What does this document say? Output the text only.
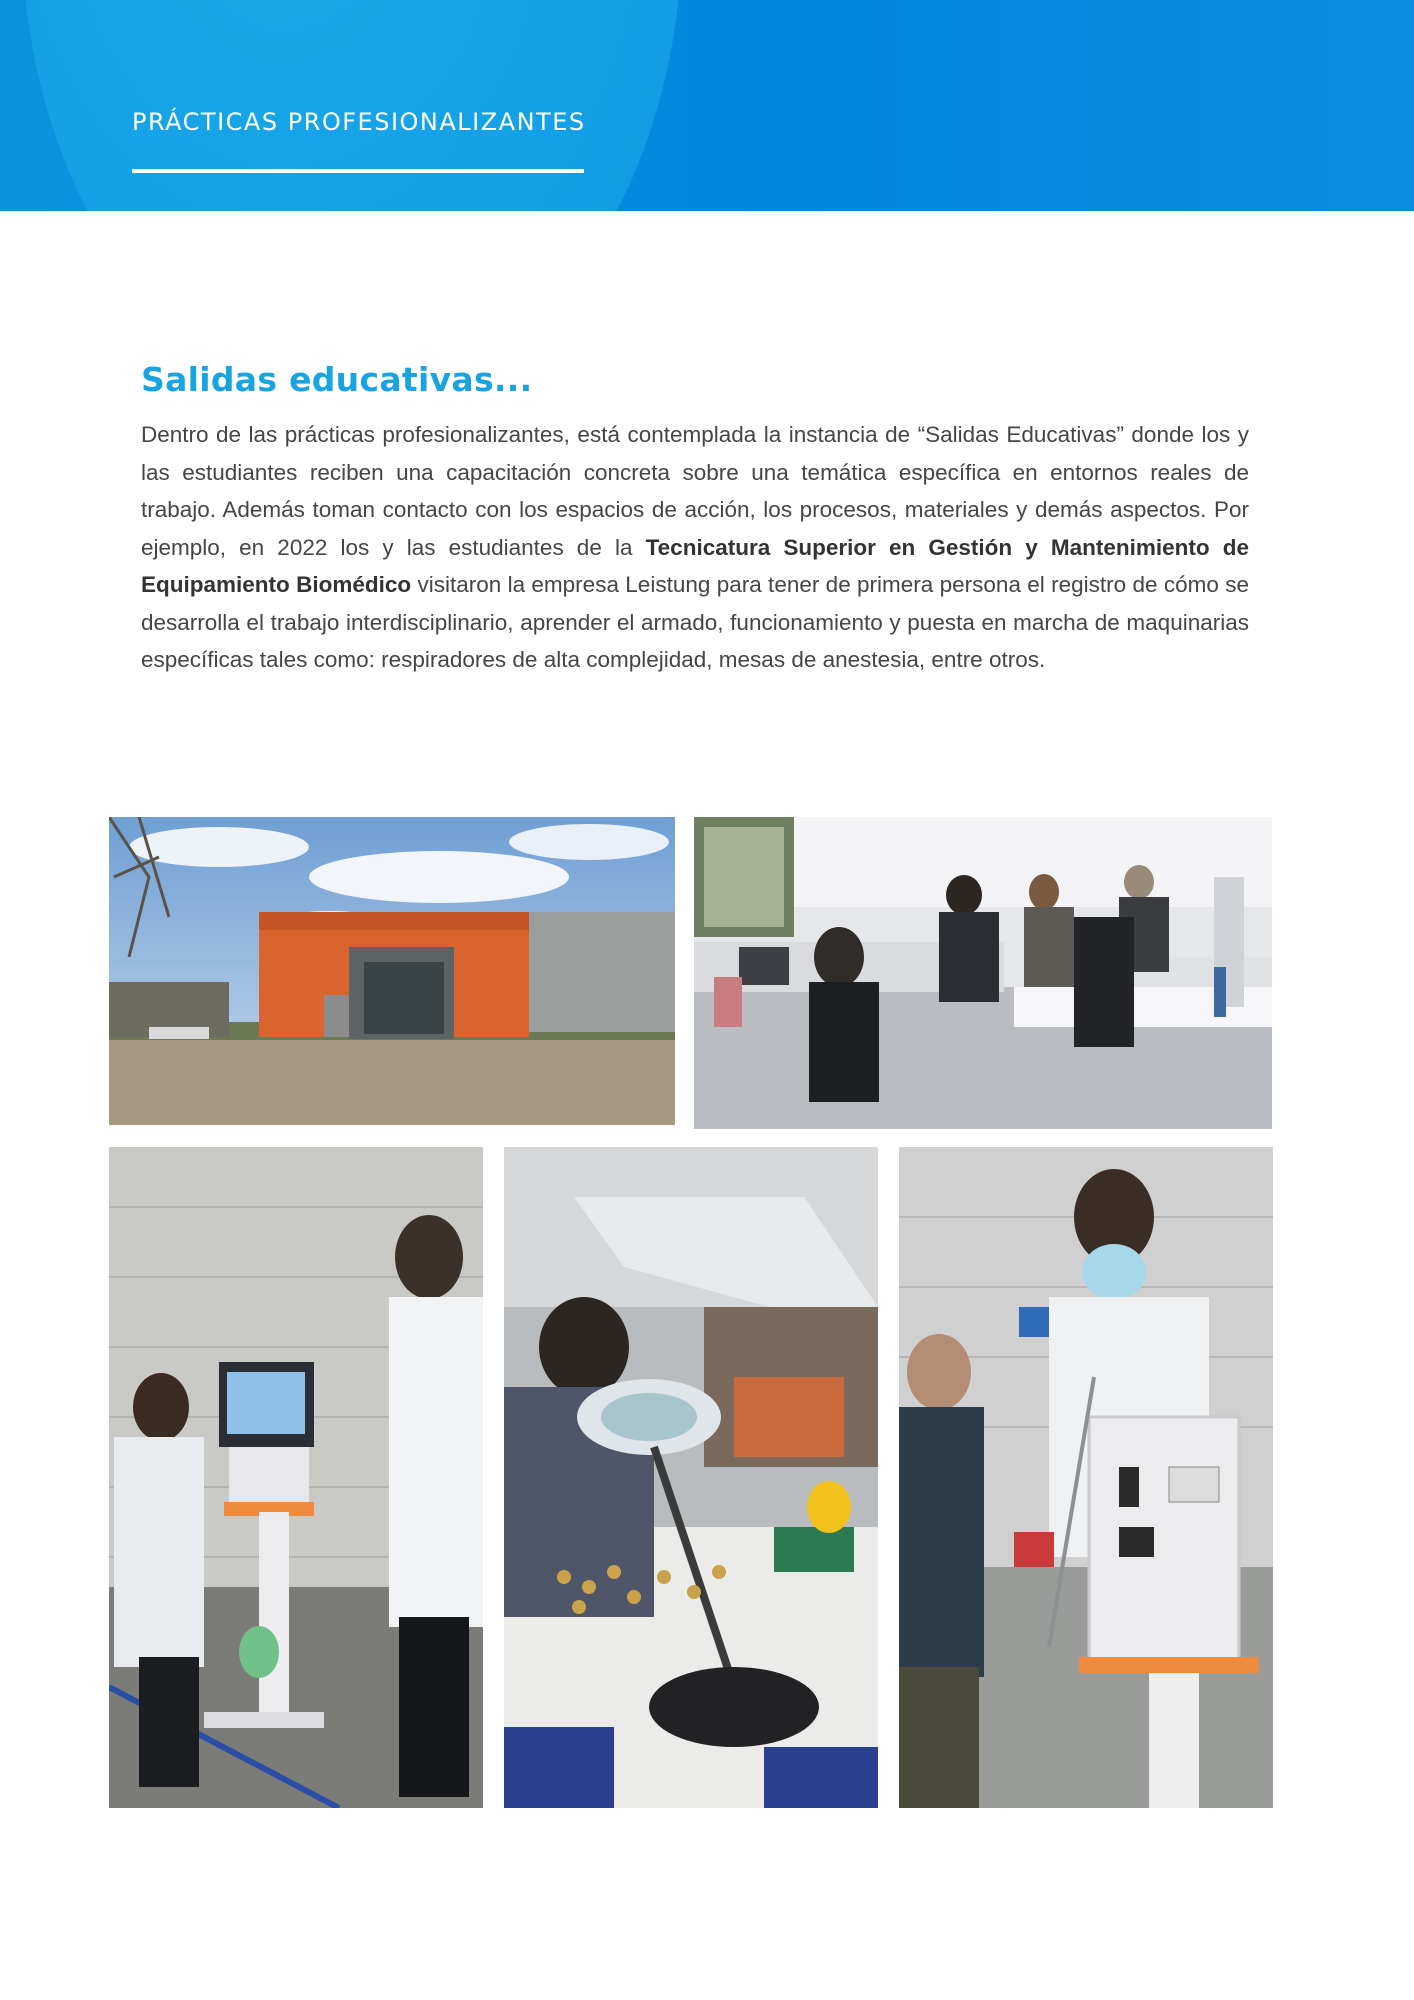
PRÁCTICAS PROFESIONALIZANTES
Salidas educativas...

Dentro de las prácticas profesionalizantes, está contemplada la instancia de “Salidas Educativas” donde los y las estudiantes reciben una capacitación concreta sobre una temática específica en entornos reales de trabajo. Además toman contacto con los espacios de acción, los procesos, materiales y demás aspectos. Por ejemplo, en 2022 los y las estudiantes de la Tecnicatura Superior en Gestión y Mantenimiento de Equipamiento Biomédico visitaron la empresa Leistung para tener de primera persona el registro de cómo se desarrolla el trabajo interdisciplinario, aprender el armado, funcionamiento y puesta en marcha de maquinarias específicas tales como: respiradores de alta complejidad, mesas de anestesia, entre otros.
